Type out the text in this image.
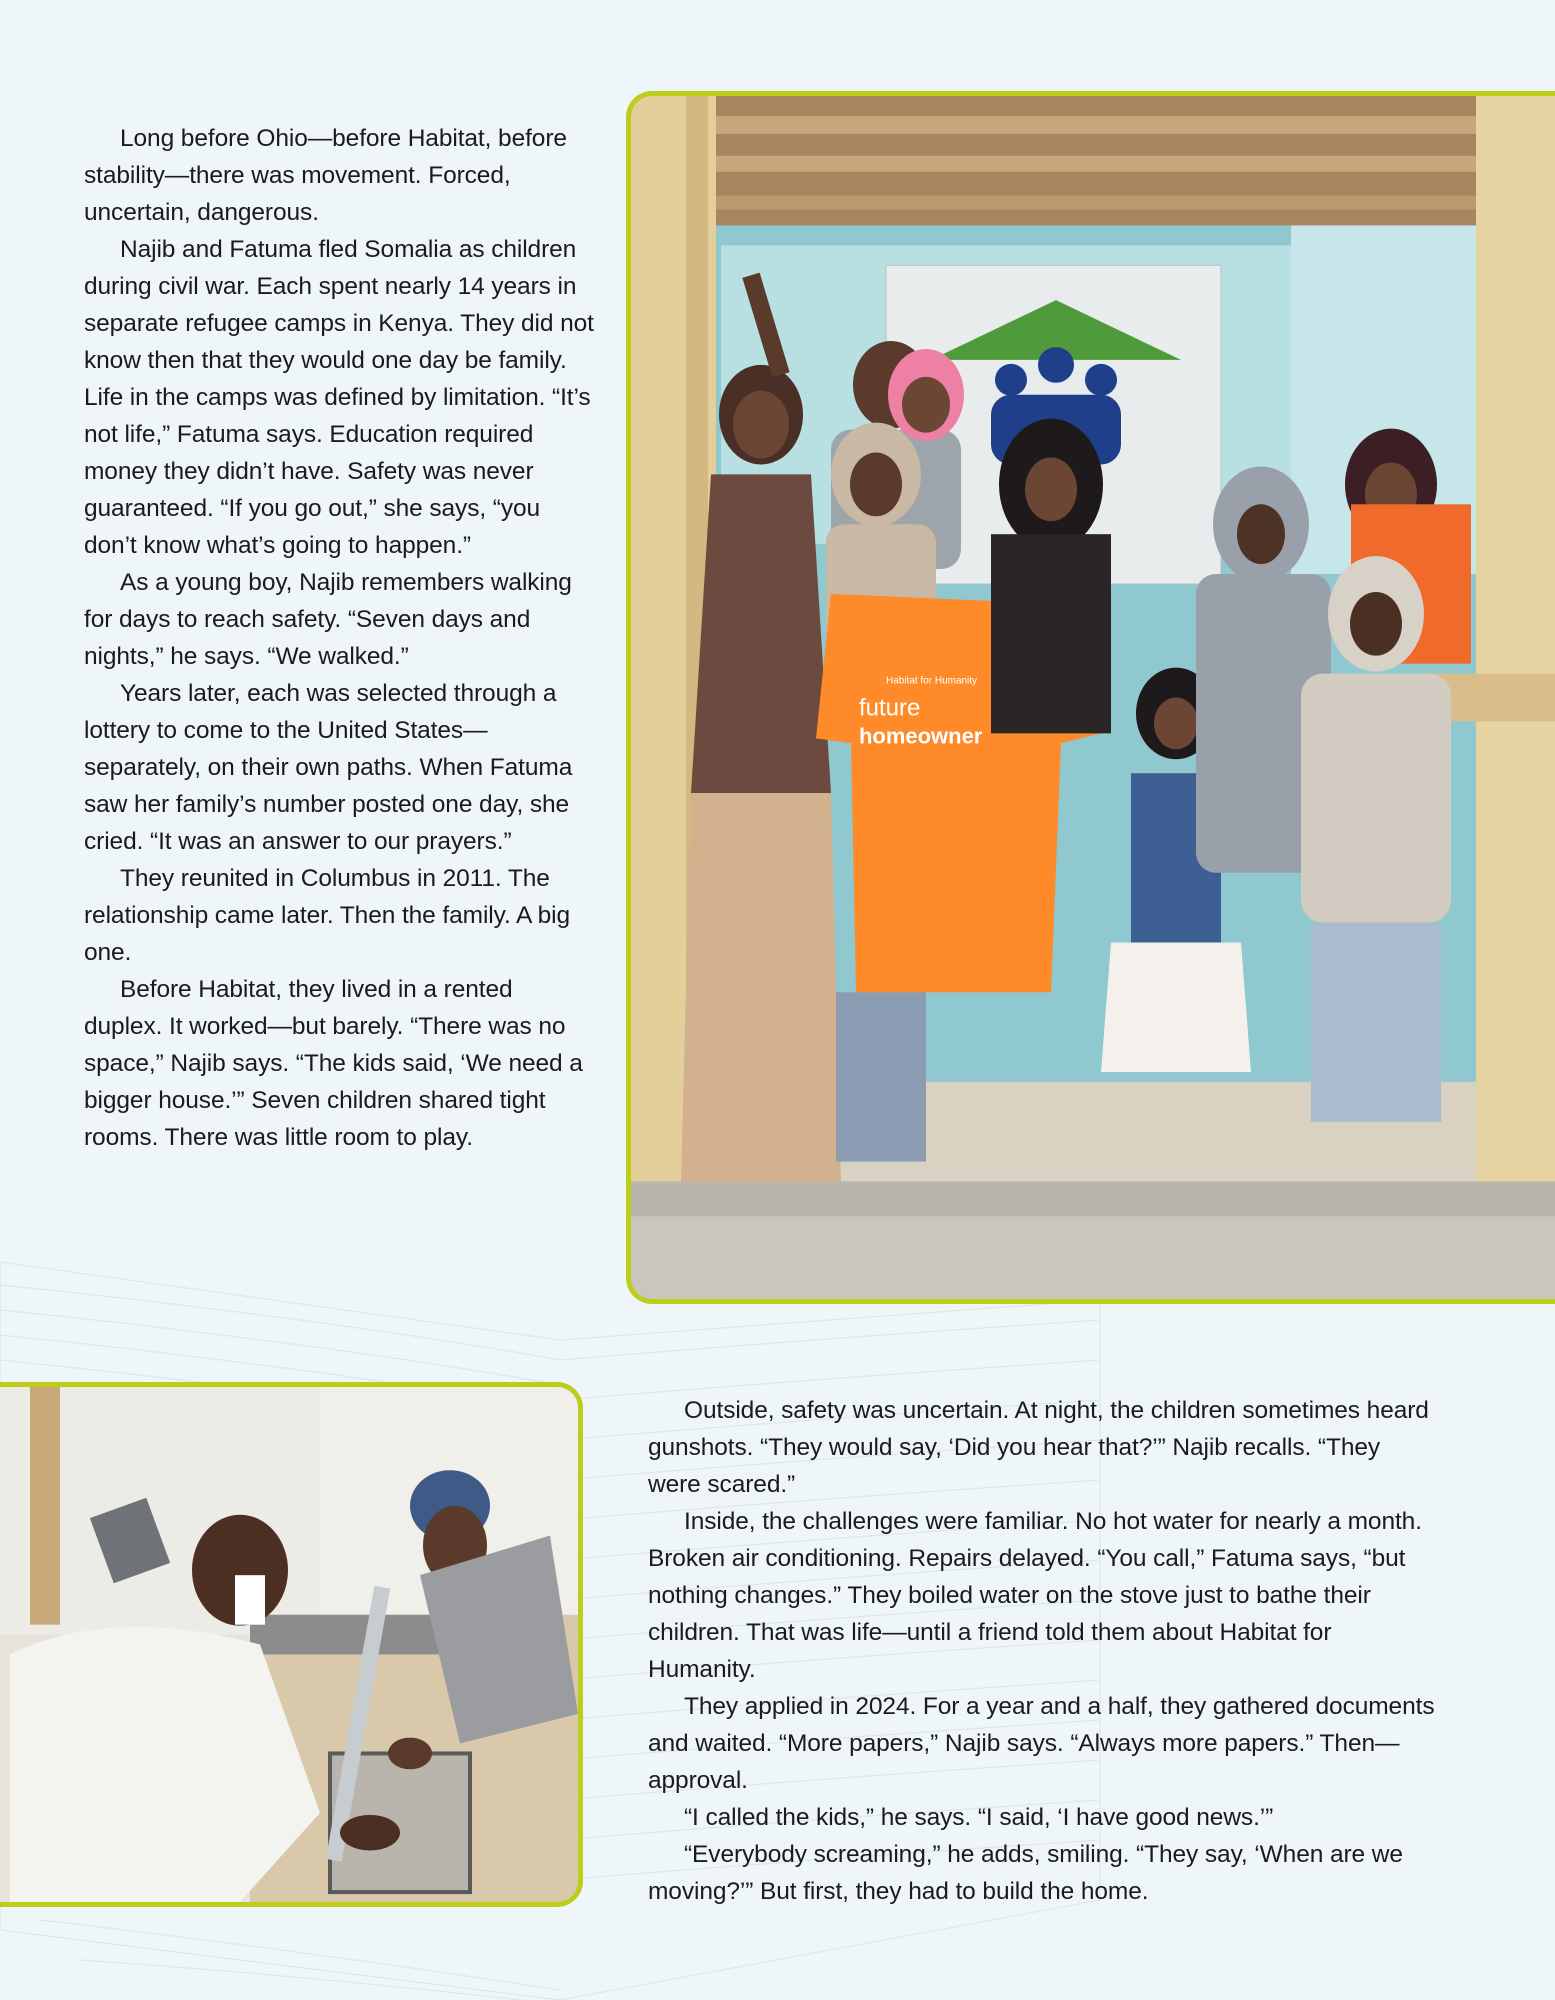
Long before Ohio—before Habitat, before stability—there was movement. Forced, uncertain, dangerous.

Najib and Fatuma fled Somalia as children during civil war. Each spent nearly 14 years in separate refugee camps in Kenya. They did not know then that they would one day be family.

Life in the camps was defined by limitation. “It’s not life,” Fatuma says. Education required money they didn’t have. Safety was never guaranteed. “If you go out,” she says, “you don’t know what’s going to happen.”

As a young boy, Najib remembers walking for days to reach safety. “Seven days and nights,” he says. “We walked.”

Years later, each was selected through a lottery to come to the United States—separately, on their own paths. When Fatuma saw her family’s number posted one day, she cried. “It was an answer to our prayers.”

They reunited in Columbus in 2011. The relationship came later. Then the family. A big one.

Before Habitat, they lived in a rented duplex. It worked—but barely. “There was no space,” Najib says. “The kids said, ‘We need a bigger house.’” Seven children shared tight rooms. There was little room to play.

Habitat for Humanity
future
homeowner

Outside, safety was uncertain. At night, the children sometimes heard gunshots. “They would say, ‘Did you hear that?’” Najib recalls. “They were scared.”

Inside, the challenges were familiar. No hot water for nearly a month. Broken air conditioning. Repairs delayed. “You call,” Fatuma says, “but nothing changes.” They boiled water on the stove just to bathe their children. That was life—until a friend told them about Habitat for Humanity.

They applied in 2024. For a year and a half, they gathered documents and waited. “More papers,” Najib says. “Always more papers.” Then—approval.

“I called the kids,” he says. “I said, ‘I have good news.’”

“Everybody screaming,” he adds, smiling. “They say, ‘When are we moving?’” But first, they had to build the home.
